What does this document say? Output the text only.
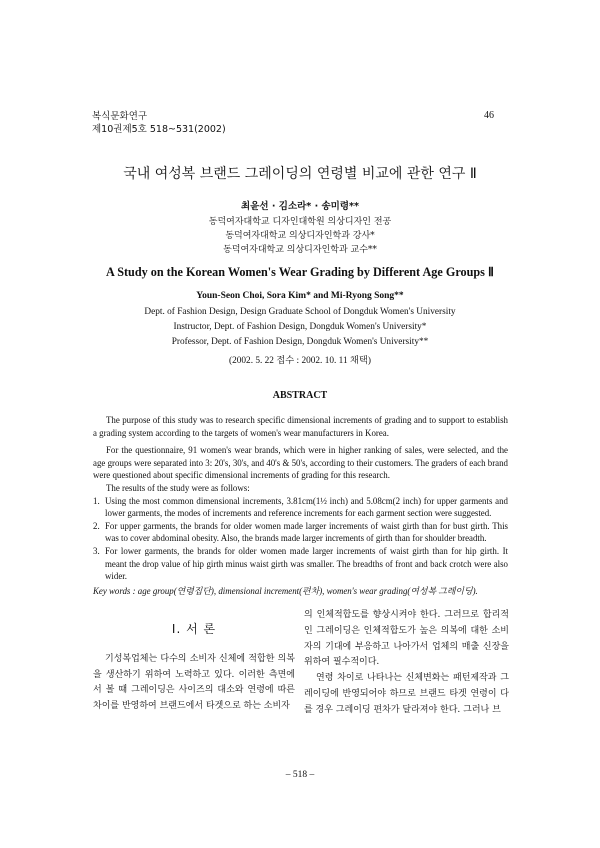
복식문화연구
제10권제5호 518~531(2002)
46
국내 여성복 브랜드 그레이딩의 연령별 비교에 관한 연구 Ⅱ
최윤선 · 김소라* · 송미령**
동덕여자대학교 디자인대학원 의상디자인 전공
동덕여자대학교 의상디자인학과 강사*
동덕여자대학교 의상디자인학과 교수**
A Study on the Korean Women's Wear Grading by Different Age Groups Ⅱ
Youn-Seon Choi, Sora Kim* and Mi-Ryong Song**
Dept. of Fashion Design, Design Graduate School of Dongduk Women's University
Instructor, Dept. of Fashion Design, Dongduk Women's University*
Professor, Dept. of Fashion Design, Dongduk Women's University**
(2002. 5. 22 접수 : 2002. 10. 11 채택)
ABSTRACT

The purpose of this study was to research specific dimensional increments of grading and to support to establish a grading system according to the targets of women's wear manufacturers in Korea.

For the questionnaire, 91 women's wear brands, which were in higher ranking of sales, were selected, and the age groups were separated into 3: 20's, 30's, and 40's & 50's, according to their customers. The graders of each brand were questioned about specific dimensional increments of grading for this research.

The results of the study were as follows:

1. Using the most common dimensional increments, 3.81cm(1½ inch) and 5.08cm(2 inch) for upper garments and lower garments, the modes of increments and reference increments for each garment section were suggested.
2. For upper garments, the brands for older women made larger increments of waist girth than for bust girth. This was to cover abdominal obesity. Also, the brands made larger increments of girth than for shoulder breadth.
3. For lower garments, the brands for older women made larger increments of waist girth than for hip girth. It meant the drop value of hip girth minus waist girth was smaller. The breadths of front and back crotch were also wider.

Key words : age group(연령집단), dimensional increment(편차), women's wear grading(여성복 그레이딩).

Ⅰ. 서 론

기성복업체는 다수의 소비자 신체에 적합한 의복을 생산하기 위하여 노력하고 있다. 이러한 측면에서 볼 때 그레이딩은 사이즈의 대소와 연령에 따른 차이를 반영하여 브랜드에서 타겟으로 하는 소비자

의 인체적합도를 향상시켜야 한다. 그러므로 합리적인 그레이딩은 인체적합도가 높은 의복에 대한 소비자의 기대에 부응하고 나아가서 업체의 매출 신장을 위하여 필수적이다.

연령 차이로 나타나는 신체변화는 패턴제작과 그레이딩에 반영되어야 하므로 브랜드 타겟 연령이 다를 경우 그레이딩 편차가 달라져야 한다. 그러나 브

– 518 –
